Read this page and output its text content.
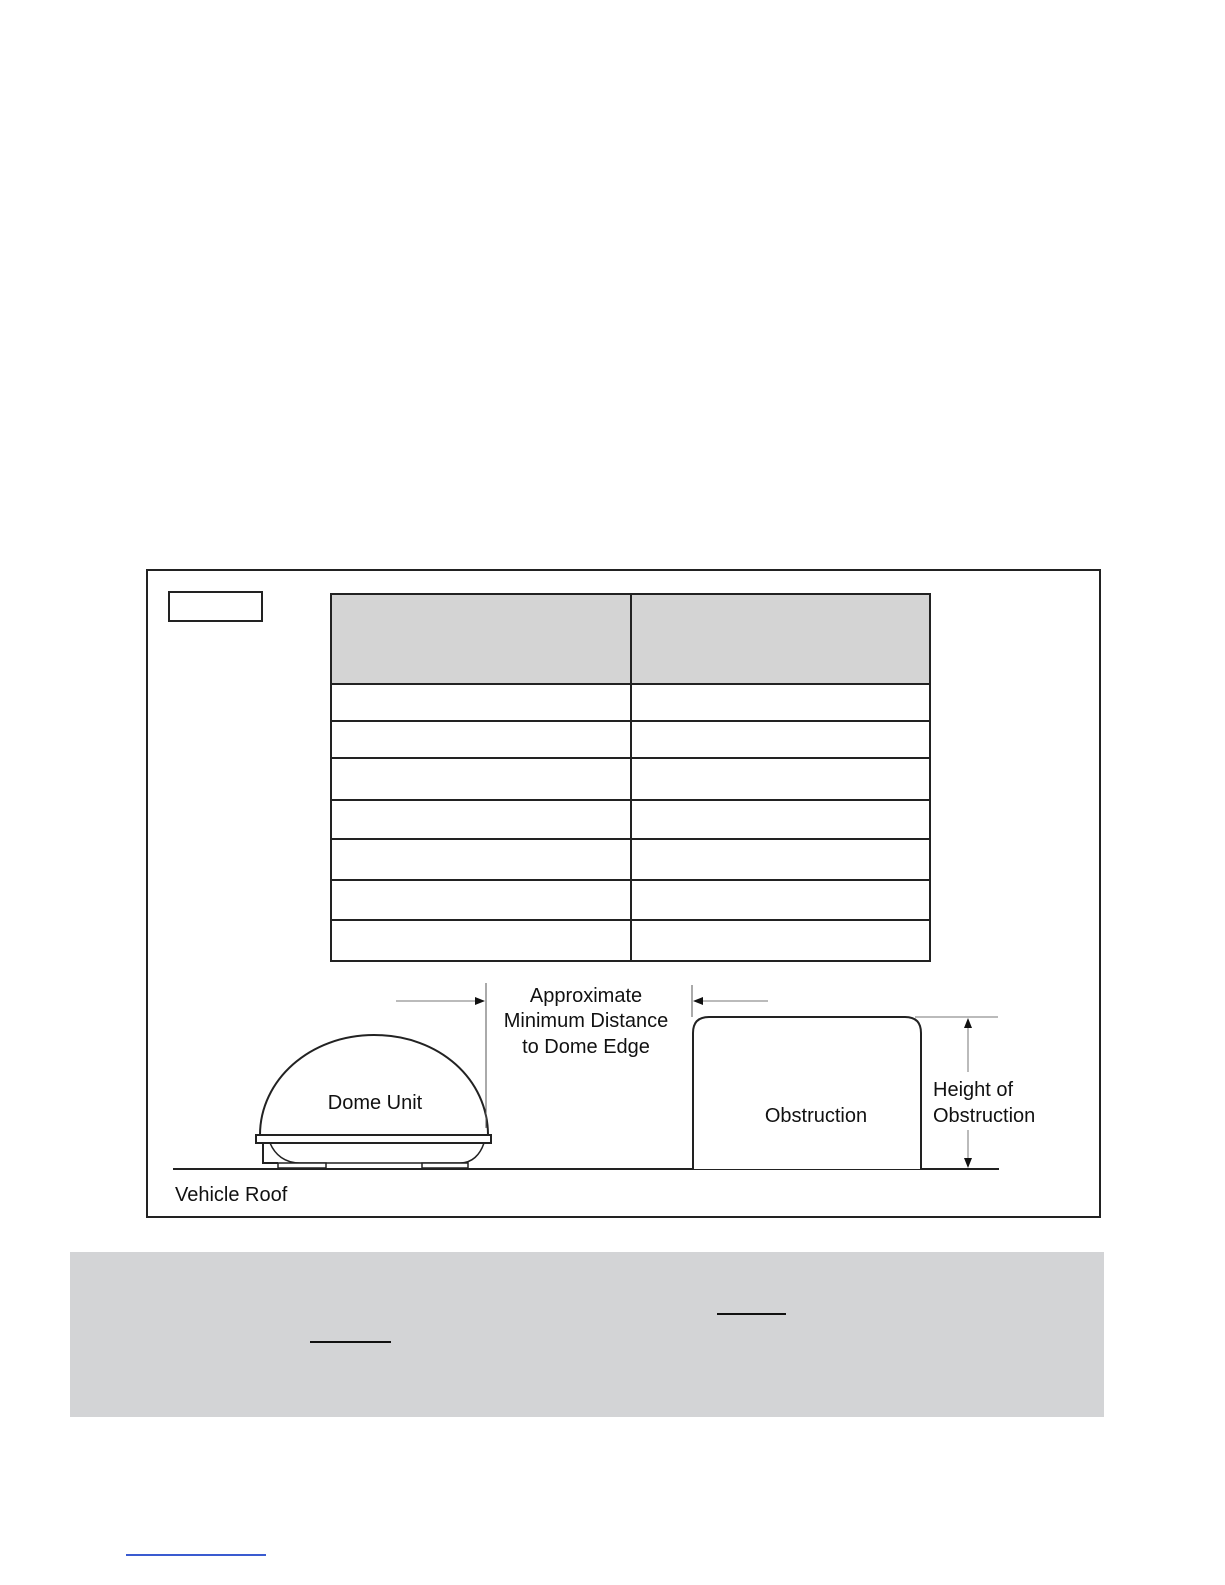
Dome Unit
Obstruction
Approximate
Minimum Distance
to Dome Edge
Height of
Obstruction
Vehicle Roof
